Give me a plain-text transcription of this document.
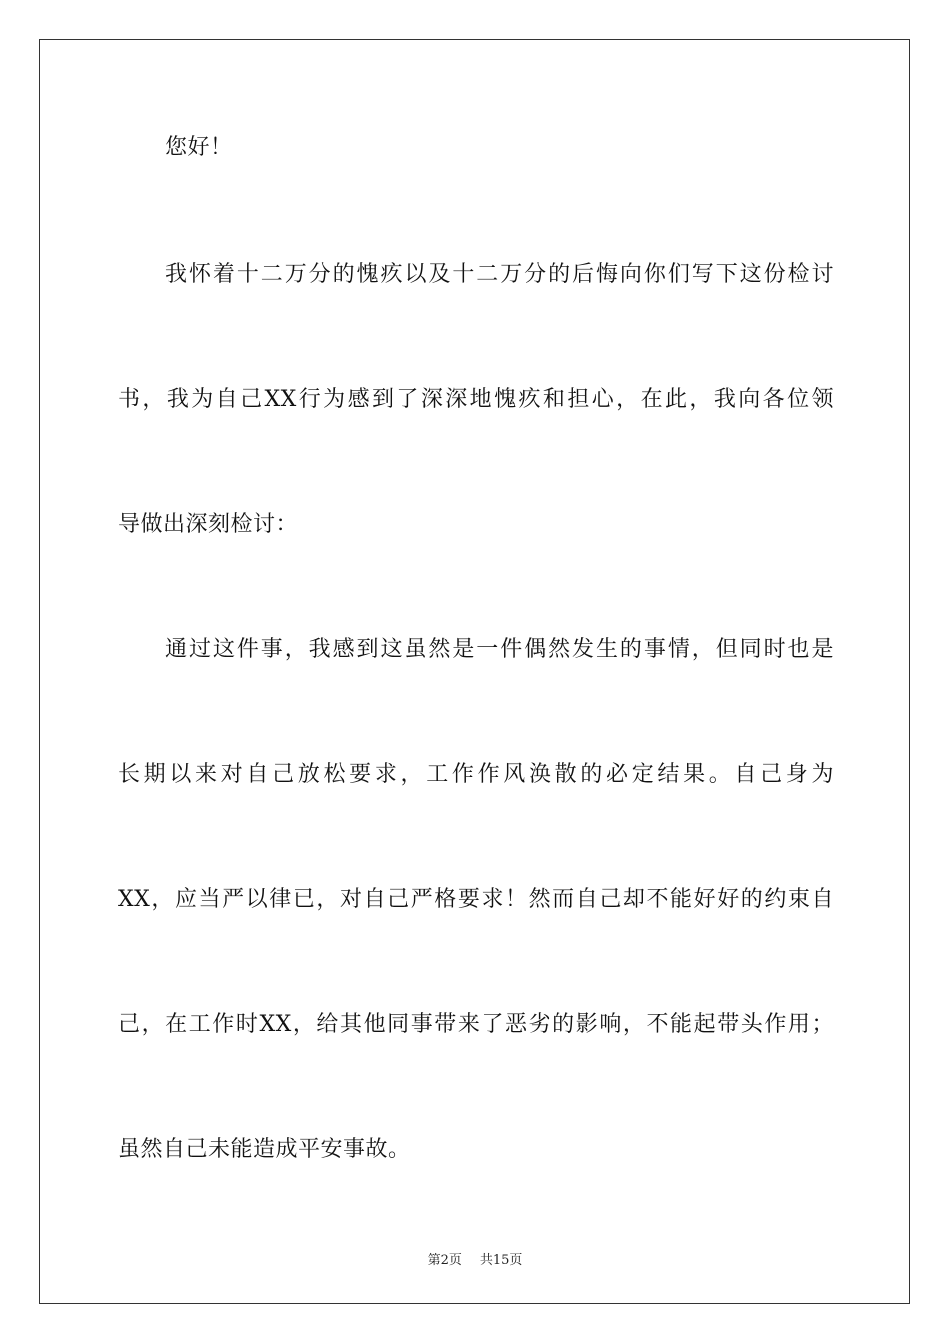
您好！
我怀着十二万分的愧疚以及十二万分的后悔向你们写下这份检讨
书，我为自己XX行为感到了深深地愧疚和担心，在此，我向各位领
导做出深刻检讨：
通过这件事，我感到这虽然是一件偶然发生的事情，但同时也是
长期以来对自己放松要求，工作作风涣散的必定结果。自己身为
XX，应当严以律已，对自己严格要求！然而自己却不能好好的约束自
己，在工作时XX，给其他同事带来了恶劣的影响，不能起带头作用；
虽然自己未能造成平安事故。
第2页 共15页
